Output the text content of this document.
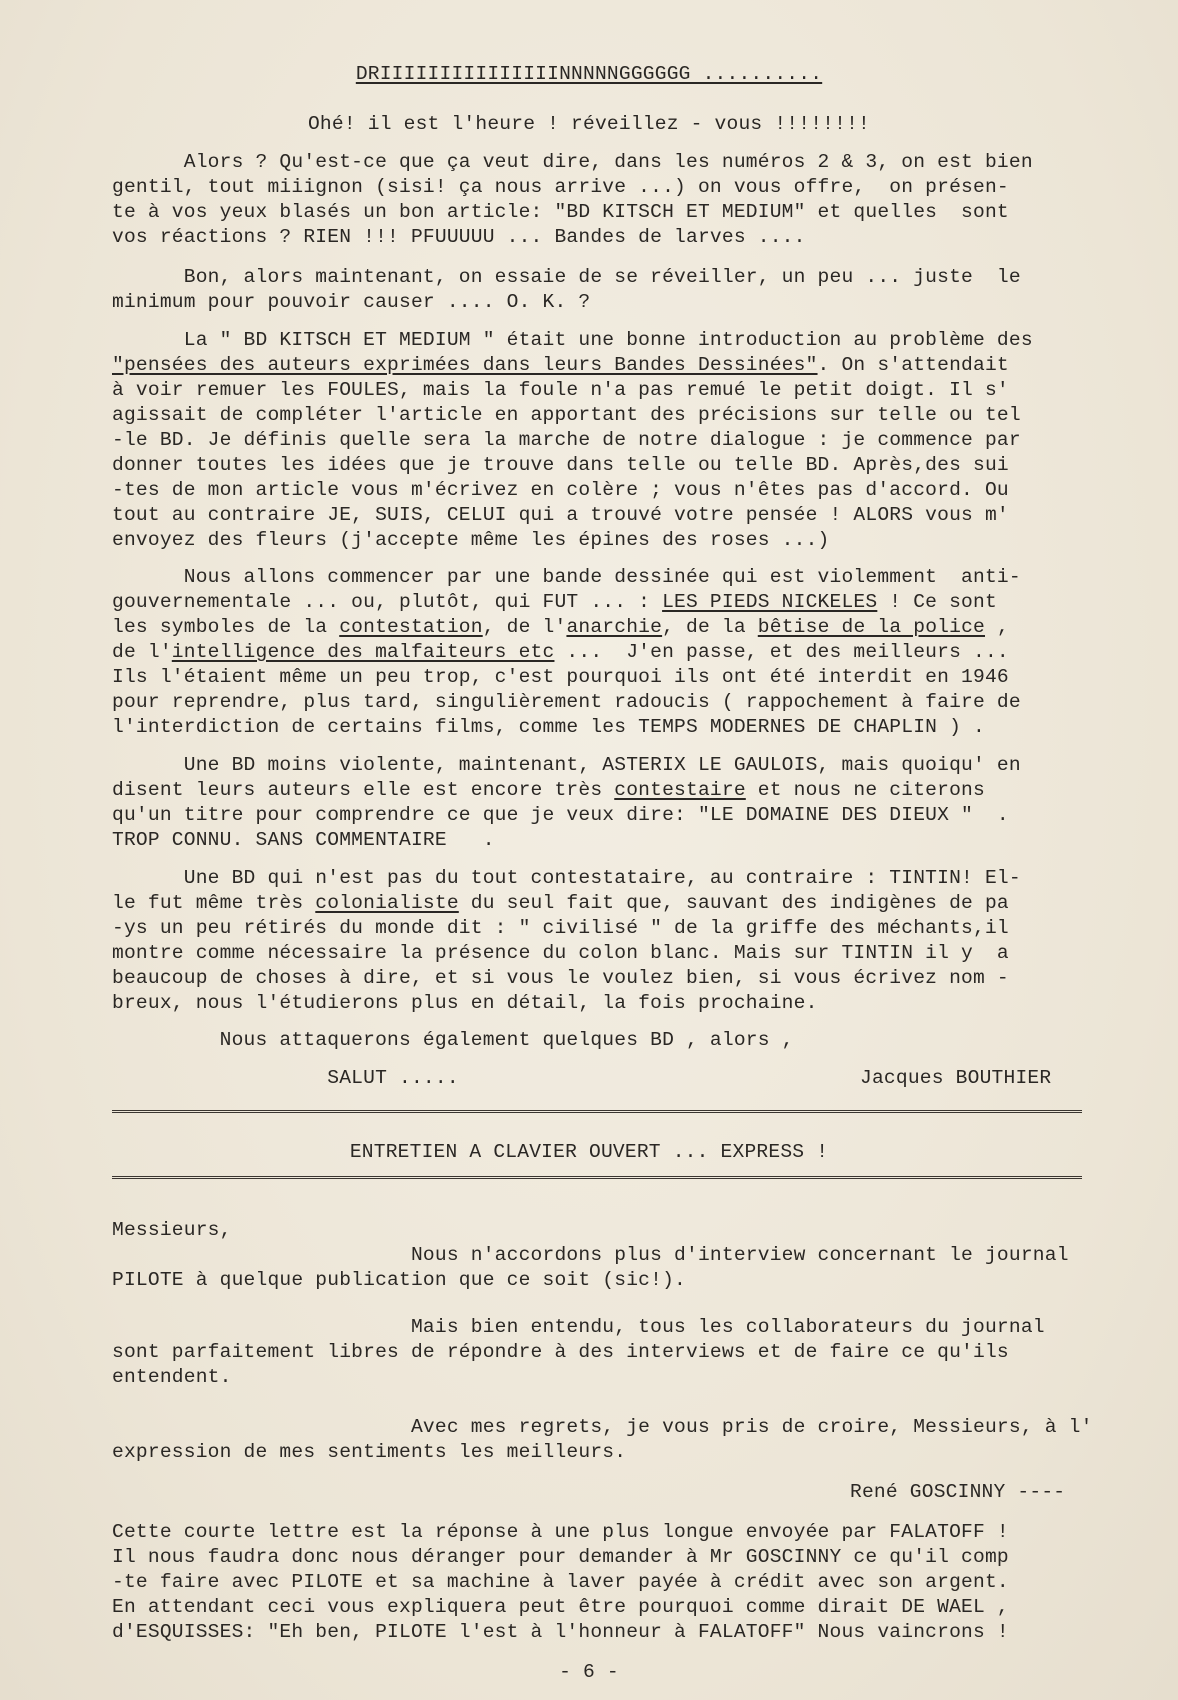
DRIIIIIIIIIIIIIIINNNNNGGGGGG ..........
Ohé! il est l'heure ! réveillez - vous !!!!!!!!
Alors ? Qu'est-ce que ça veut dire, dans les numéros 2 & 3, on est bien
gentil, tout miiignon (sisi! ça nous arrive ...) on vous offre,  on présen-
te à vos yeux blasés un bon article: "BD KITSCH ET MEDIUM" et quelles  sont
vos réactions ? RIEN !!! PFUUUUU ... Bandes de larves ....
Bon, alors maintenant, on essaie de se réveiller, un peu ... juste  le
minimum pour pouvoir causer .... O. K. ?
La " BD KITSCH ET MEDIUM " était une bonne introduction au problème des
"pensées des auteurs exprimées dans leurs Bandes Dessinées". On s'attendait
à voir remuer les FOULES, mais la foule n'a pas remué le petit doigt. Il s'
agissait de compléter l'article en apportant des précisions sur telle ou tel
-le BD. Je définis quelle sera la marche de notre dialogue : je commence par
donner toutes les idées que je trouve dans telle ou telle BD. Après,des sui
-tes de mon article vous m'écrivez en colère ; vous n'êtes pas d'accord. Ou
tout au contraire JE, SUIS, CELUI qui a trouvé votre pensée ! ALORS vous m'
envoyez des fleurs (j'accepte même les épines des roses ...)
Nous allons commencer par une bande dessinée qui est violemment  anti-
gouvernementale ... ou, plutôt, qui FUT ... : LES PIEDS NICKELES ! Ce sont
les symboles de la contestation, de l'anarchie, de la bêtise de la police ,
de l'intelligence des malfaiteurs etc ...  J'en passe, et des meilleurs ...
Ils l'étaient même un peu trop, c'est pourquoi ils ont été interdit en 1946
pour reprendre, plus tard, singulièrement radoucis ( rappochement à faire de
l'interdiction de certains films, comme les TEMPS MODERNES DE CHAPLIN ) .
Une BD moins violente, maintenant, ASTERIX LE GAULOIS, mais quoiqu' en
disent leurs auteurs elle est encore très contestaire et nous ne citerons
qu'un titre pour comprendre ce que je veux dire: "LE DOMAINE DES DIEUX "  .
TROP CONNU. SANS COMMENTAIRE   .
Une BD qui n'est pas du tout contestataire, au contraire : TINTIN! El-
le fut même très colonialiste du seul fait que, sauvant des indigènes de pa
-ys un peu rétirés du monde dit : " civilisé " de la griffe des méchants,il
montre comme nécessaire la présence du colon blanc. Mais sur TINTIN il y  a
beaucoup de choses à dire, et si vous le voulez bien, si vous écrivez nom -
breux, nous l'étudierons plus en détail, la fois prochaine.
Nous attaquerons également quelques BD , alors ,
SALUT .....	Jacques BOUTHIER
ENTRETIEN A CLAVIER OUVERT ... EXPRESS !
Messieurs,
Nous n'accordons plus d'interview concernant le journal
PILOTE à quelque publication que ce soit (sic!).
Mais bien entendu, tous les collaborateurs du journal
sont parfaitement libres de répondre à des interviews et de faire ce qu'ils
entendent.
Avec mes regrets, je vous pris de croire, Messieurs, à l'
expression de mes sentiments les meilleurs.
René GOSCINNY ----
Cette courte lettre est la réponse à une plus longue envoyée par FALATOFF !
Il nous faudra donc nous déranger pour demander à Mr GOSCINNY ce qu'il comp
-te faire avec PILOTE et sa machine à laver payée à crédit avec son argent.
En attendant ceci vous expliquera peut être pourquoi comme dirait DE WAEL ,
d'ESQUISSES: "Eh ben, PILOTE l'est à l'honneur à FALATOFF" Nous vaincrons !
- 6 -
